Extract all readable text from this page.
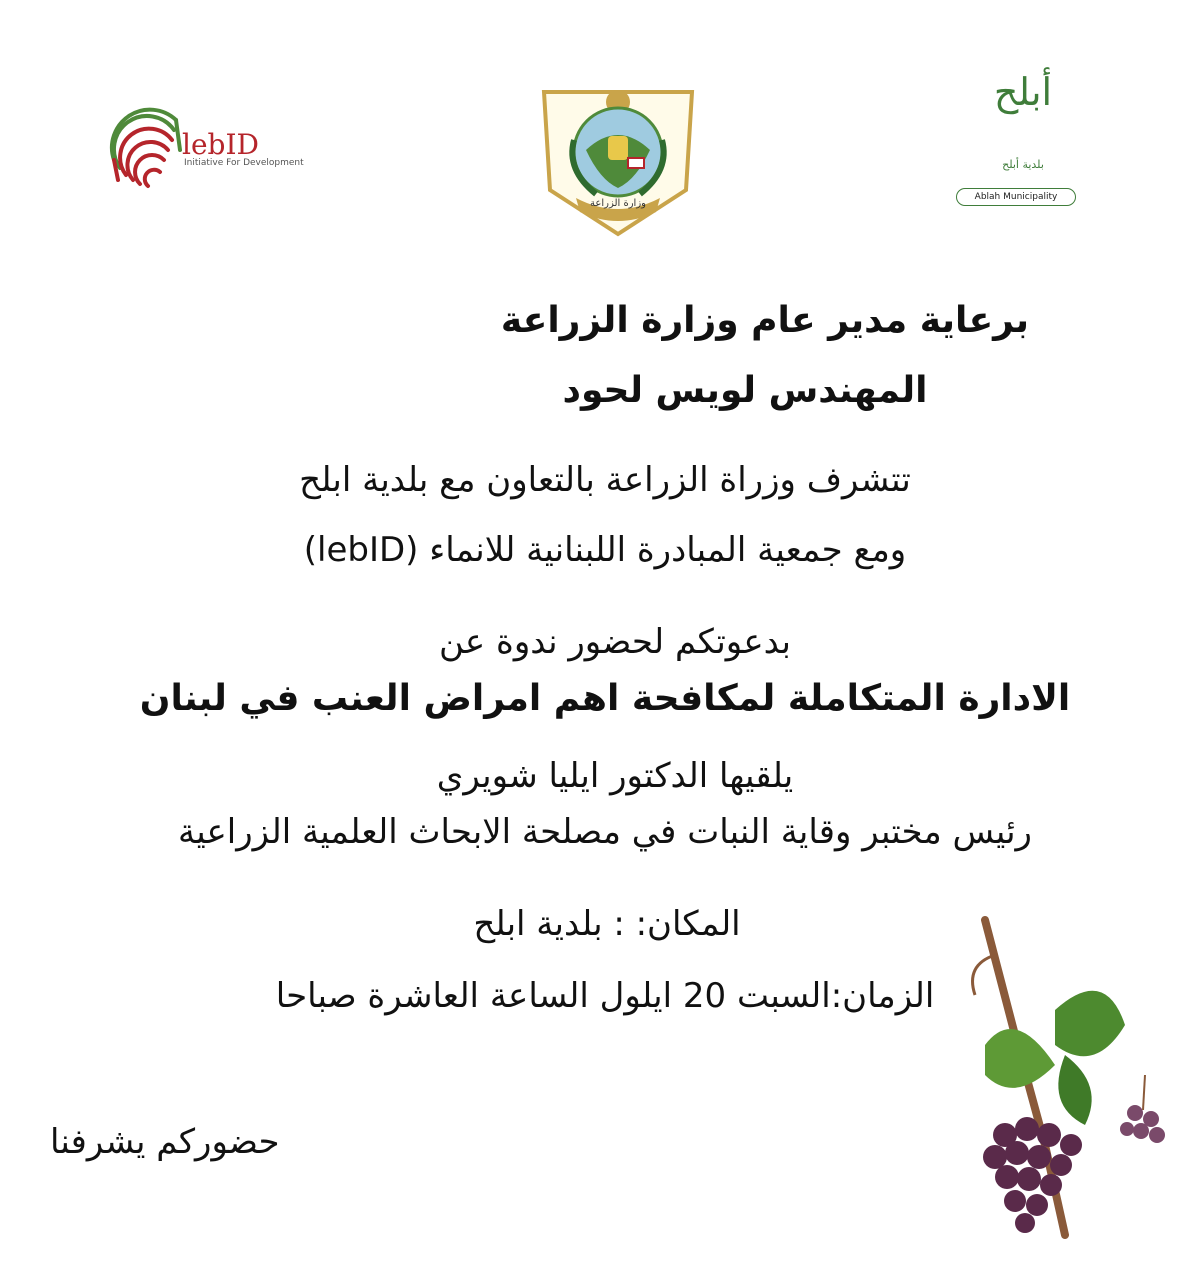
lebID
Initiative For Development
وزارة الزراعة
أبلح
بلدية أبلح
Ablah Municipality
برعاية مدير عام وزارة الزراعة
المهندس لويس لحود
تتشرف وزراة الزراعة بالتعاون مع بلدية ابلح
ومع جمعية المبادرة اللبنانية للانماء (lebID)
بدعوتكم لحضور ندوة عن
الادارة المتكاملة لمكافحة اهم امراض العنب في لبنان
يلقيها الدكتور ايليا شويري
رئيس مختبر وقاية النبات في مصلحة الابحاث العلمية الزراعية
المكان: : بلدية ابلح
الزمان:السبت 20 ايلول الساعة العاشرة صباحا
حضوركم يشرفنا
